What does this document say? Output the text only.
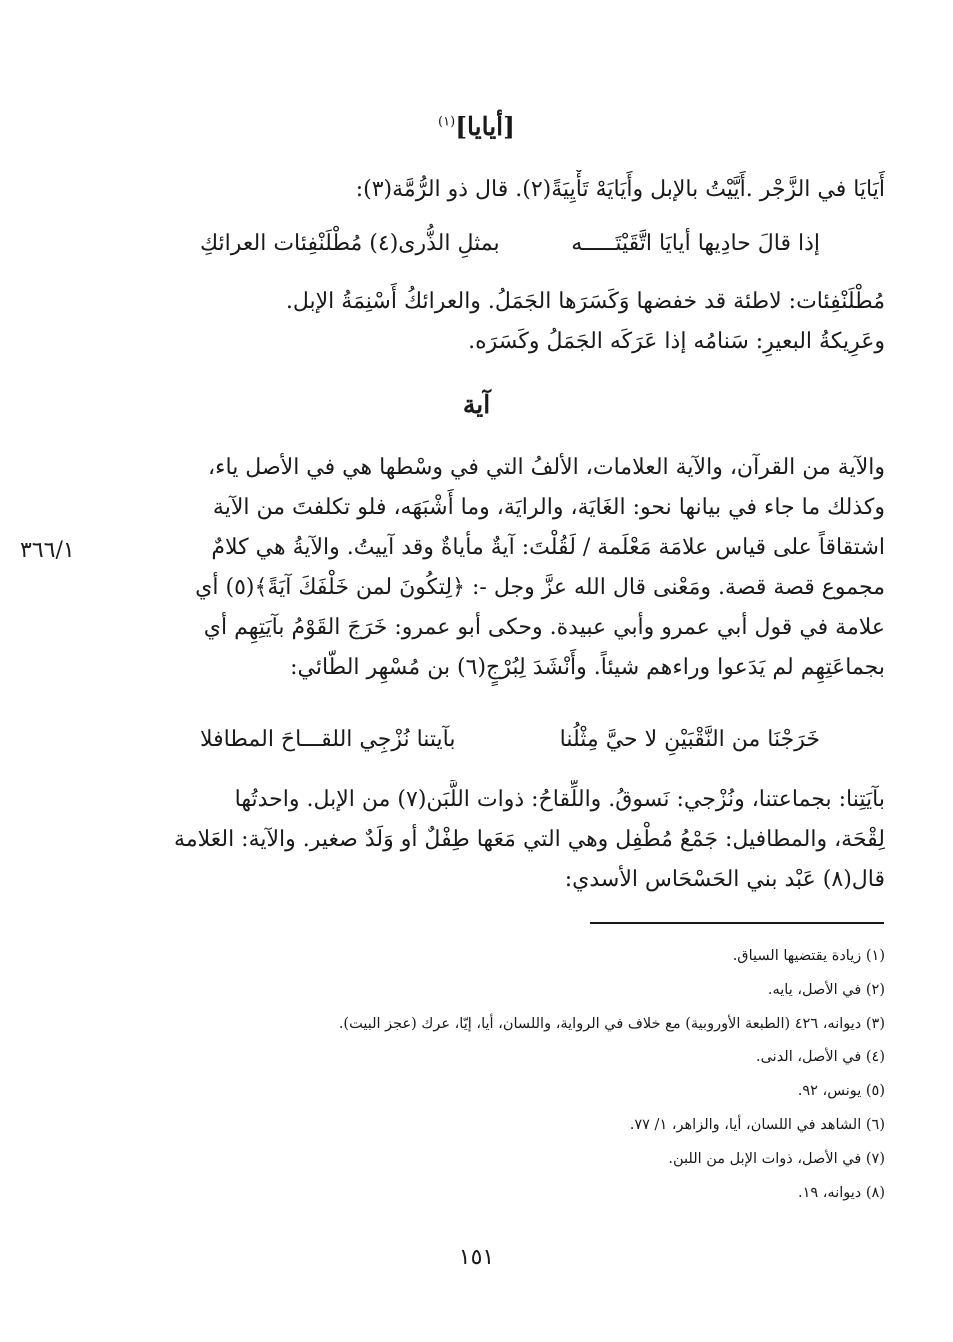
[أيايا]$^{(١)}$
أَيَايَا في الزَّجْر .أَيَّيْتُ بالإبل وأَيَايَهْ تَأْيِيَةً(٢). قال ذو الرُّمَّة(٣):
إذا قالَ حادِيها أيايَا اتَّقَيْتَـــــه
بمثلِ الذُّرى(٤) مُطْلَنْفِئات العرائكِ
مُطْلَنْفِئات: لاطئة قد خفضها وَكَسَرَها الجَمَلُ. والعرائكُ أَسْنِمَةُ الإبل.
وعَرِيكةُ البعيرِ: سَنامُه إذا عَرَكَه الجَمَلُ وكَسَرَه.
آية
والآية من القرآن، والآية العلامات، الألفُ التي في وسْطها هي في الأصل ياء،
وكذلك ما جاء في بيانها نحو: الغَايَة، والرايَة، وما أَشْبَهَه، فلو تكلفتَ من الآية
اشتقاقاً على قياس علامَة مَعْلَمة / لَقُلْتَ: آيةٌ مأياةٌ وقد آييتُ. والآيةُ هي كلامٌ
مجموع قصة قصة. ومَعْنى قال الله عزَّ وجل -: ﴿لِتكُونَ لمن خَلْفَكَ آيَةً﴾(٥) أي
علامة في قول أبي عمرو وأبي عبيدة. وحكى أبو عمرو: خَرَجَ القَوْمُ بآيَتِهِم أي
بجماعَتِهِم لم يَدَعوا وراءهم شيئاً. وأَنْشَدَ لِبُرْجٍ(٦) بن مُسْهِر الطّائي:
٣٦٦/١
خَرَجْنَا من النَّقْبَيْنِ لا حيَّ مِثْلُنا
بآيتنا نُزْجِي اللقـــاحَ المطافلا
بآيَتِنا: بجماعتنا، ونُزْجي: نَسوقُ. واللِّقاحُ: ذوات اللَّبَن(٧) من الإبل. واحدتُها
لِقْحَة، والمطافيل: جَمْعُ مُطْفِل وهي التي مَعَها طِفْلٌ أو وَلَدٌ صغير. والآية: العَلامة
قال(٨) عَبْد بني الحَسْحَاس الأسدي:
(١) زيادة يقتضيها السياق.
(٢) في الأصل، يايه.
(٣) ديوانه، ٤٢٦ (الطبعة الأوروبية) مع خلاف في الرواية، واللسان، أيا، إيّا، عرك (عجز البيت).
(٤) في الأصل، الدنى.
(٥) يونس، ٩٢.
(٦) الشاهد في اللسان، أيا، والزاهر، ١/ ٧٧.
(٧) في الأصل، ذوات الإبل من اللبن.
(٨) ديوانه، ١٩.
١٥١
